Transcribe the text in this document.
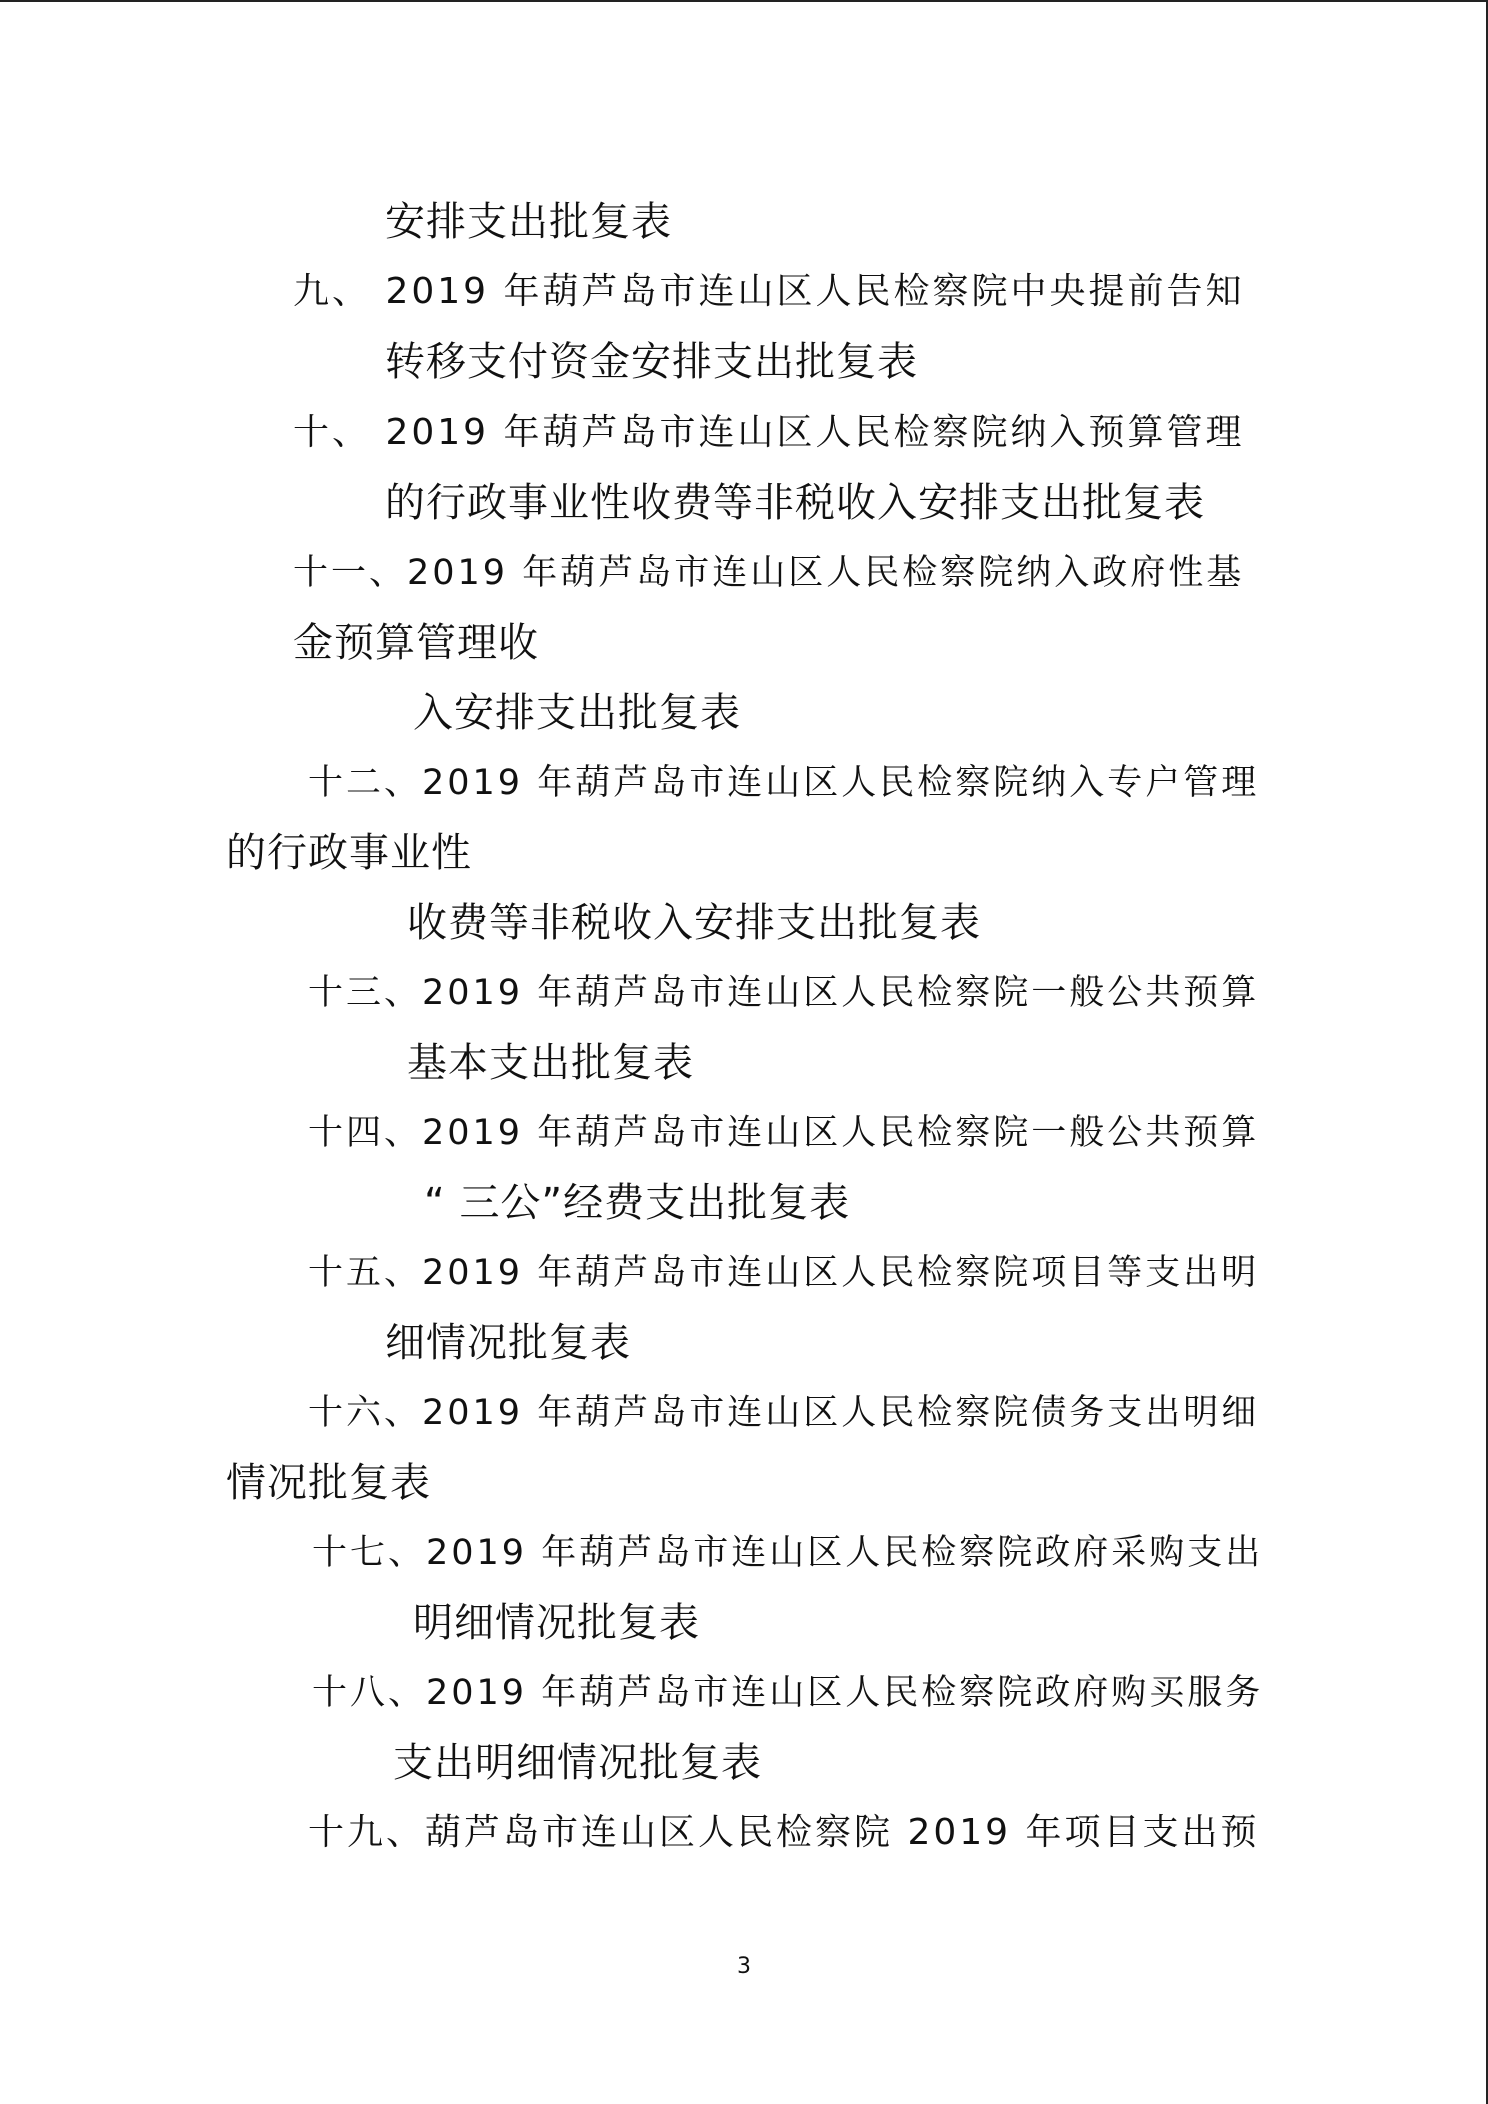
安排支出批复表
九、 2019 年葫芦岛市连山区人民检察院中央提前告知
转移支付资金安排支出批复表
十、 2019 年葫芦岛市连山区人民检察院纳入预算管理
的行政事业性收费等非税收入安排支出批复表
十一、2019 年葫芦岛市连山区人民检察院纳入政府性基
金预算管理收
入安排支出批复表
十二、2019 年葫芦岛市连山区人民检察院纳入专户管理
的行政事业性
收费等非税收入安排支出批复表
十三、2019 年葫芦岛市连山区人民检察院一般公共预算
基本支出批复表
十四、2019 年葫芦岛市连山区人民检察院一般公共预算
“ 三公”经费支出批复表
十五、2019 年葫芦岛市连山区人民检察院项目等支出明
细情况批复表
十六、2019 年葫芦岛市连山区人民检察院债务支出明细
情况批复表
十七、2019 年葫芦岛市连山区人民检察院政府采购支出
明细情况批复表
十八、2019 年葫芦岛市连山区人民检察院政府购买服务
支出明细情况批复表
十九、葫芦岛市连山区人民检察院 2019 年项目支出预
3
